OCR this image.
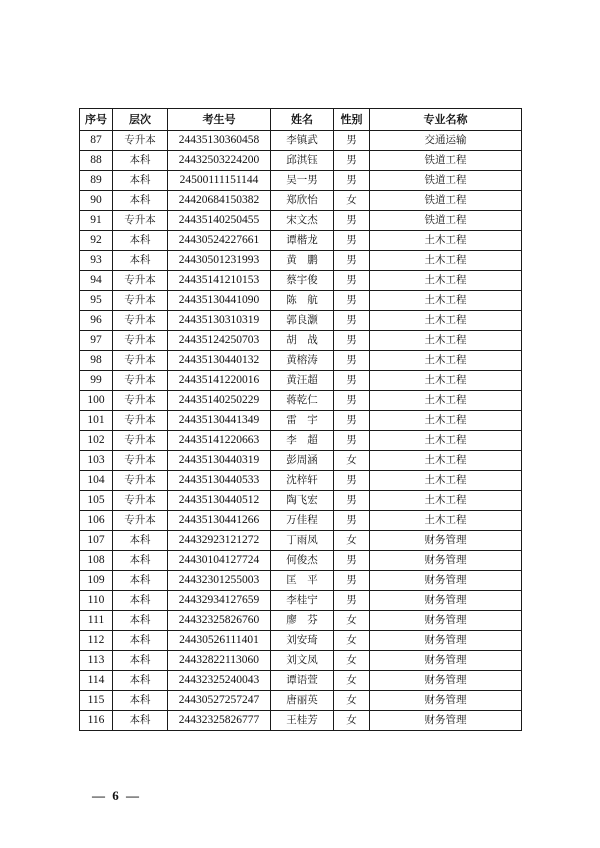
序号	层次	考生号	姓名	性别	专业名称
87	专升本	24435130360458	李镇武	男	交通运输
88	本科	24432503224200	邱淇钰	男	铁道工程
89	本科	24500111151144	吴一男	男	铁道工程
90	本科	24420684150382	郑欣怡	女	铁道工程
91	专升本	24435140250455	宋文杰	男	铁道工程
92	本科	24430524227661	谭楷龙	男	土木工程
93	本科	24430501231993	黄　鹏	男	土木工程
94	专升本	24435141210153	蔡宇俊	男	土木工程
95	专升本	24435130441090	陈　航	男	土木工程
96	专升本	24435130310319	郭良灏	男	土木工程
97	专升本	24435124250703	胡　战	男	土木工程
98	专升本	24435130440132	黄榕涛	男	土木工程
99	专升本	24435141220016	黄汪超	男	土木工程
100	专升本	24435140250229	蒋乾仁	男	土木工程
101	专升本	24435130441349	雷　宇	男	土木工程
102	专升本	24435141220663	李　超	男	土木工程
103	专升本	24435130440319	彭周涵	女	土木工程
104	专升本	24435130440533	沈梓轩	男	土木工程
105	专升本	24435130440512	陶飞宏	男	土木工程
106	专升本	24435130441266	万佳程	男	土木工程
107	本科	24432923121272	丁雨凤	女	财务管理
108	本科	24430104127724	何俊杰	男	财务管理
109	本科	24432301255003	匡　平	男	财务管理
110	本科	24432934127659	李桂宁	男	财务管理
111	本科	24432325826760	廖　芬	女	财务管理
112	本科	24430526111401	刘安琦	女	财务管理
113	本科	24432822113060	刘文凤	女	财务管理
114	本科	24432325240043	谭语萱	女	财务管理
115	本科	24430527257247	唐丽英	女	财务管理
116	本科	24432325826777	王桂芳	女	财务管理
— 6 —
